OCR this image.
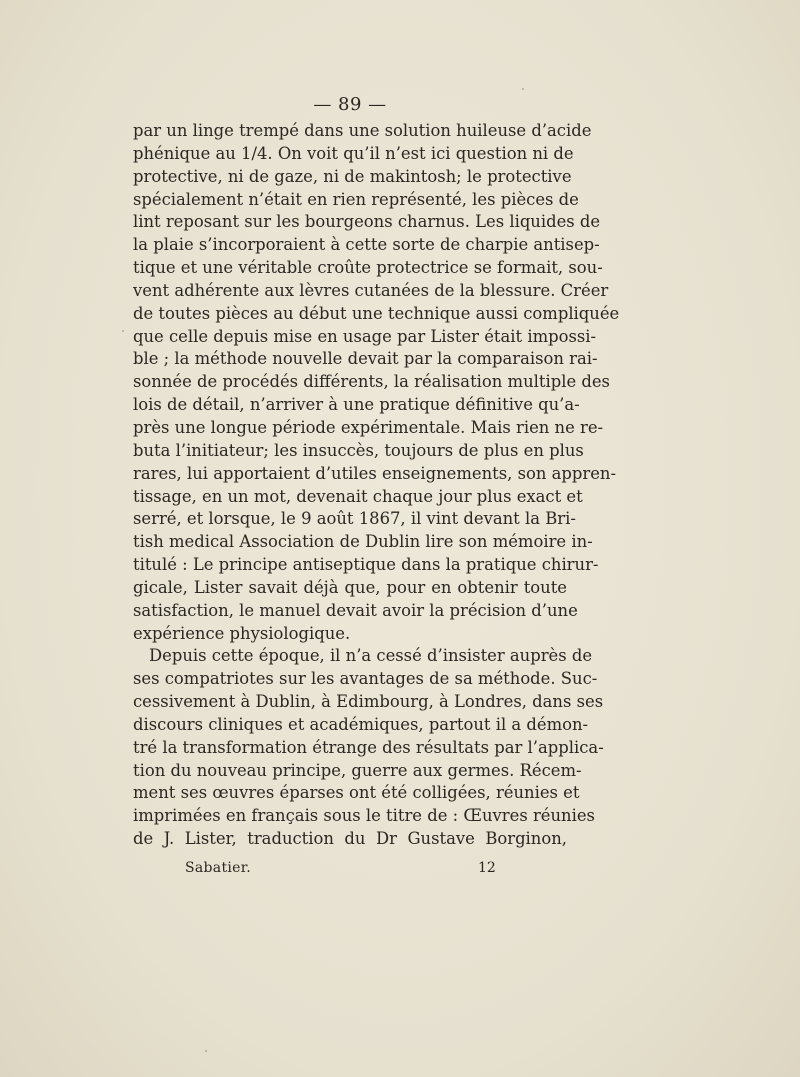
— 89 —
par un linge trempé dans une solution huileuse d’acide
phénique au 1/4. On voit qu’il n’est ici question ni de
protective, ni de gaze, ni de makintosh; le protective
spécialement n’était en rien représenté, les pièces de
lint reposant sur les bourgeons charnus. Les liquides de
la plaie s’incorporaient à cette sorte de charpie antisep-
tique et une véritable croûte protectrice se formait, sou-
vent adhérente aux lèvres cutanées de la blessure. Créer
de toutes pièces au début une technique aussi compliquée
que celle depuis mise en usage par Lister était impossi-
ble ; la méthode nouvelle devait par la comparaison rai-
sonnée de procédés différents, la réalisation multiple des
lois de détail, n’arriver à une pratique définitive qu’a-
près une longue période expérimentale. Mais rien ne re-
buta l’initiateur; les insuccès, toujours de plus en plus
rares, lui apportaient d’utiles enseignements, son appren-
tissage, en un mot, devenait chaque jour plus exact et
serré, et lorsque, le 9 août 1867, il vint devant la Bri-
tish medical Association de Dublin lire son mémoire in-
titulé : Le principe antiseptique dans la pratique chirur-
gicale, Lister savait déjà que, pour en obtenir toute
satisfaction, le manuel devait avoir la précision d’une
expérience physiologique.
Depuis cette époque, il n’a cessé d’insister auprès de
ses compatriotes sur les avantages de sa méthode. Suc-
cessivement à Dublin, à Edimbourg, à Londres, dans ses
discours cliniques et académiques, partout il a démon-
tré la transformation étrange des résultats par l’applica-
tion du nouveau principe, guerre aux germes. Récem-
ment ses œuvres éparses ont été colligées, réunies et
imprimées en français sous le titre de : Œuvres réunies
de J. Lister, traduction du Dr Gustave Borginon,
Sabatier.	12
